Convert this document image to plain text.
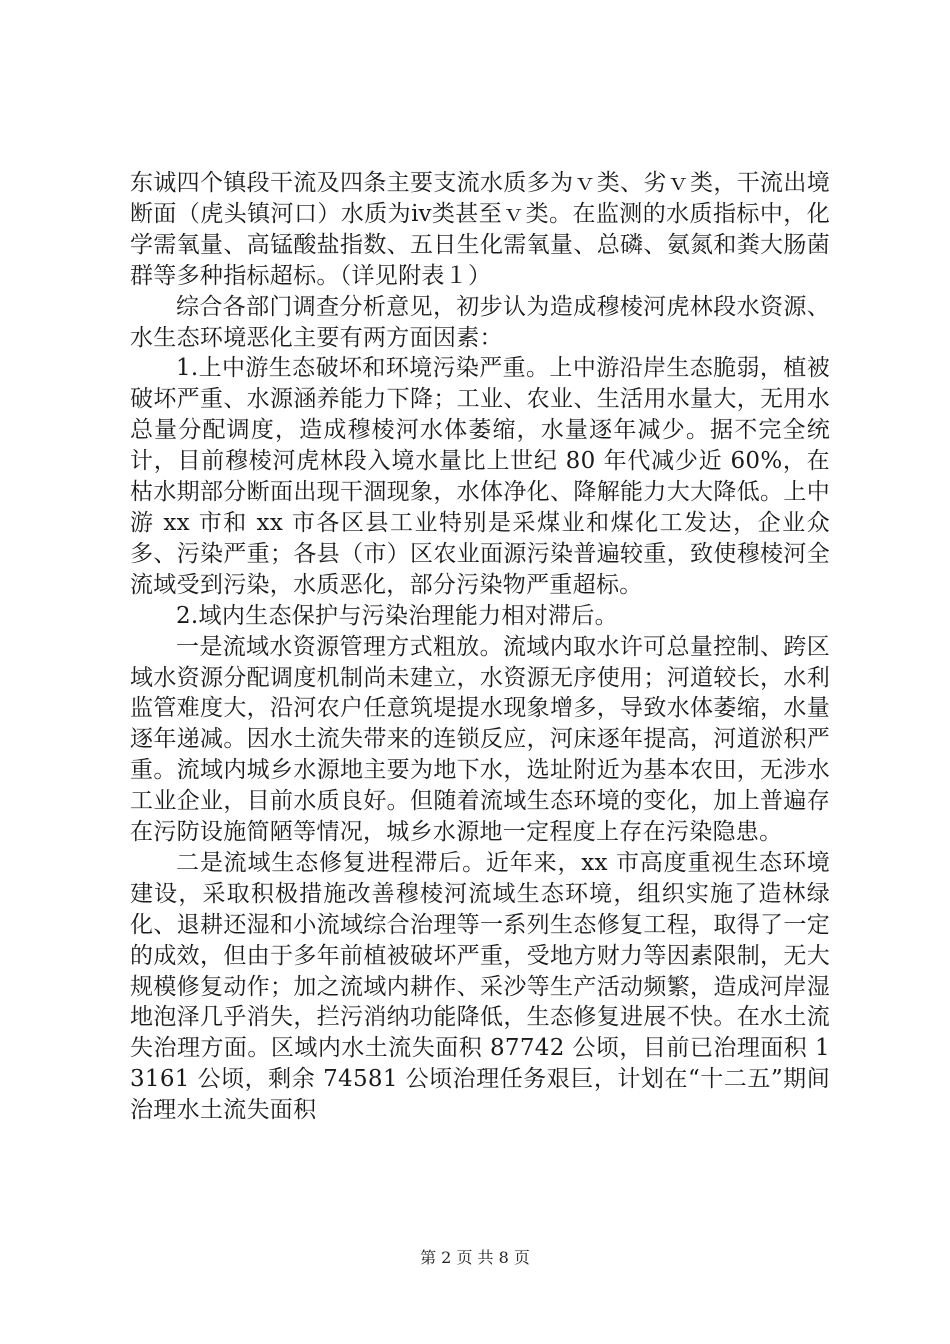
东诚四个镇段干流及四条主要支流水质多为ｖ类、劣ｖ类，干流出境断面（虎头镇河口）水质为ⅳ类甚至ｖ类。在监测的水质指标中，化学需氧量、高锰酸盐指数、五日生化需氧量、总磷、氨氮和粪大肠菌群等多种指标超标。（详见附表１）

综合各部门调查分析意见，初步认为造成穆棱河虎林段水资源、水生态环境恶化主要有两方面因素：

1.上中游生态破坏和环境污染严重。上中游沿岸生态脆弱，植被破坏严重、水源涵养能力下降；工业、农业、生活用水量大，无用水总量分配调度，造成穆棱河水体萎缩，水量逐年减少。据不完全统计，目前穆棱河虎林段入境水量比上世纪 80 年代减少近 60%，在枯水期部分断面出现干涸现象，水体净化、降解能力大大降低。上中游 xx 市和 xx 市各区县工业特别是采煤业和煤化工发达，企业众多、污染严重；各县（市）区农业面源污染普遍较重，致使穆棱河全流域受到污染，水质恶化，部分污染物严重超标。

2.域内生态保护与污染治理能力相对滞后。

一是流域水资源管理方式粗放。流域内取水许可总量控制、跨区域水资源分配调度机制尚未建立，水资源无序使用；河道较长，水利监管难度大，沿河农户任意筑堤提水现象增多，导致水体萎缩，水量逐年递减。因水土流失带来的连锁反应，河床逐年提高，河道淤积严重。流域内城乡水源地主要为地下水，选址附近为基本农田，无涉水工业企业，目前水质良好。但随着流域生态环境的变化，加上普遍存在污防设施简陋等情况，城乡水源地一定程度上存在污染隐患。

二是流域生态修复进程滞后。近年来，xx 市高度重视生态环境建设，采取积极措施改善穆棱河流域生态环境，组织实施了造林绿化、退耕还湿和小流域综合治理等一系列生态修复工程，取得了一定的成效，但由于多年前植被破坏严重，受地方财力等因素限制，无大规模修复动作；加之流域内耕作、采沙等生产活动频繁，造成河岸湿地泡泽几乎消失，拦污消纳功能降低，生态修复进展不快。在水土流失治理方面。区域内水土流失面积 87742 公顷，目前已治理面积 13161 公顷，剩余 74581 公顷治理任务艰巨，计划在“十二五”期间治理水土流失面积

第 2 页 共 8 页
